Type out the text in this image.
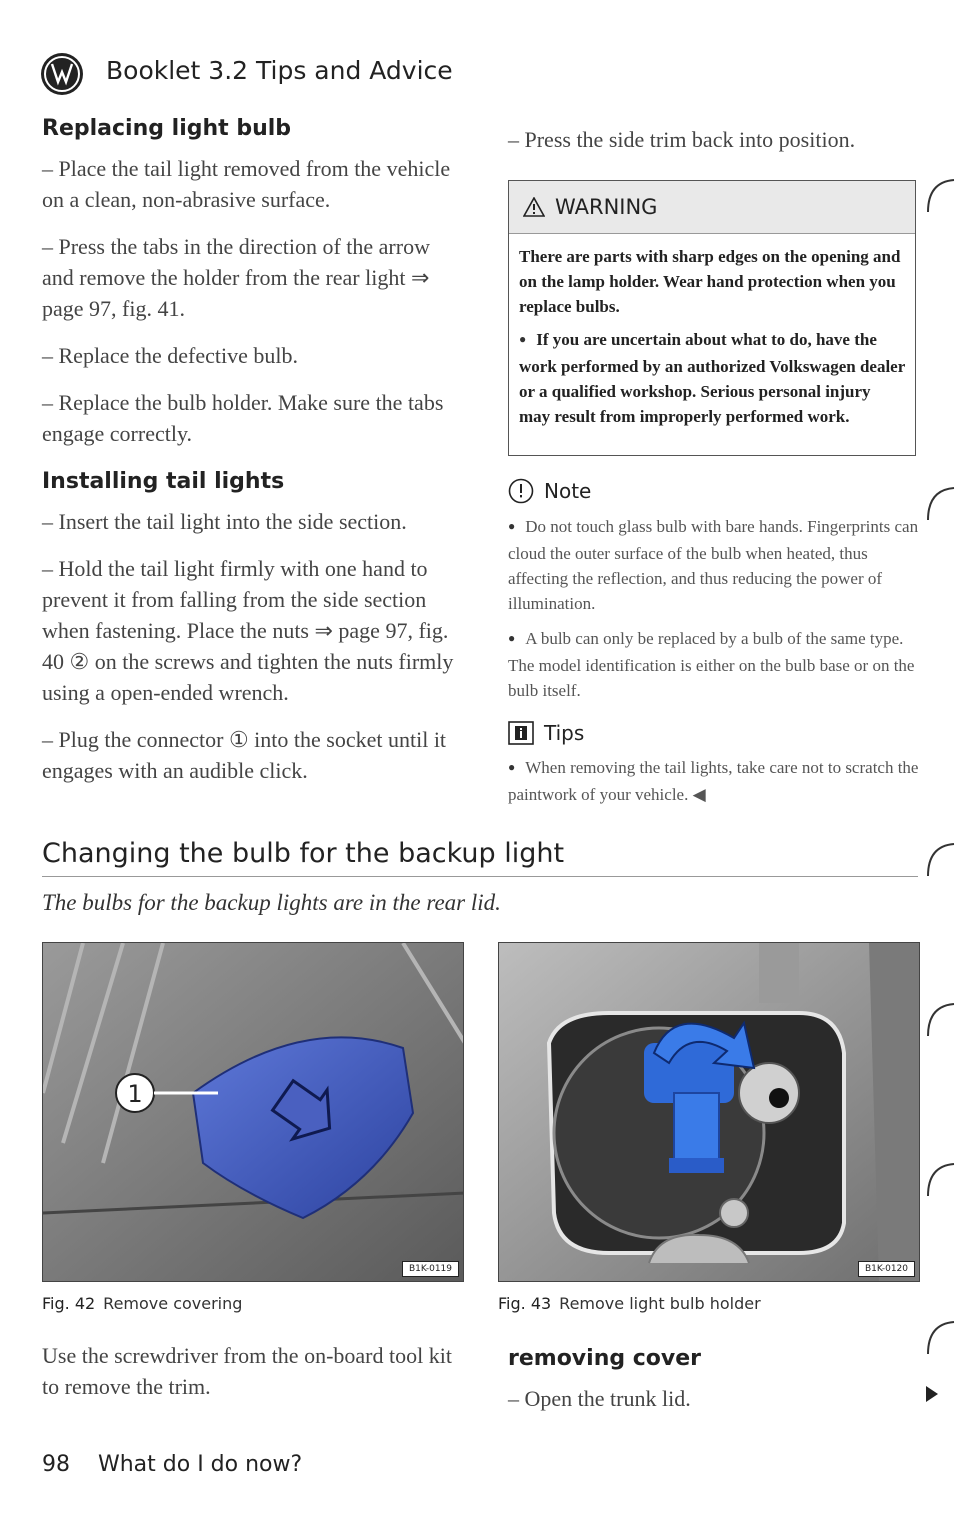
Booklet 3.2 Tips and Advice
Replacing light bulb

– Place the tail light removed from the vehicle on a clean, non-abrasive surface.

– Press the tabs in the direction of the arrow and remove the holder from the rear light ⇒ page 97, fig. 41.

– Replace the defective bulb.

– Replace the bulb holder. Make sure the tabs engage correctly.

Installing tail lights

– Insert the tail light into the side section.

– Hold the tail light firmly with one hand to prevent it from falling from the side section when fastening. Place the nuts ⇒ page 97, fig. 40 ② on the screws and tighten the nuts firmly using a open-ended wrench.

– Plug the connector ① into the socket until it engages with an audible click.

– Press the side trim back into position.

WARNING

There are parts with sharp edges on the opening and on the lamp holder. Wear hand protection when you replace bulbs.

● If you are uncertain about what to do, have the work performed by an authorized Volkswagen dealer or a qualified workshop. Serious personal injury may result from improperly performed work.

Note

● Do not touch glass bulb with bare hands. Fingerprints can cloud the outer surface of the bulb when heated, thus affecting the reflection, and thus reducing the power of illumination.

● A bulb can only be replaced by a bulb of the same type. The model identification is either on the bulb base or on the bulb itself.

Tips

● When removing the tail lights, take care not to scratch the paintwork of your vehicle. ◀

Changing the bulb for the backup light
The bulbs for the backup lights are in the rear lid.
1
B1K-0119
Fig. 42 Remove covering
B1K-0120
Fig. 43 Remove light bulb holder

Use the screwdriver from the on-board tool kit to remove the trim.

removing cover

– Open the trunk lid.

98 What do I do now?
